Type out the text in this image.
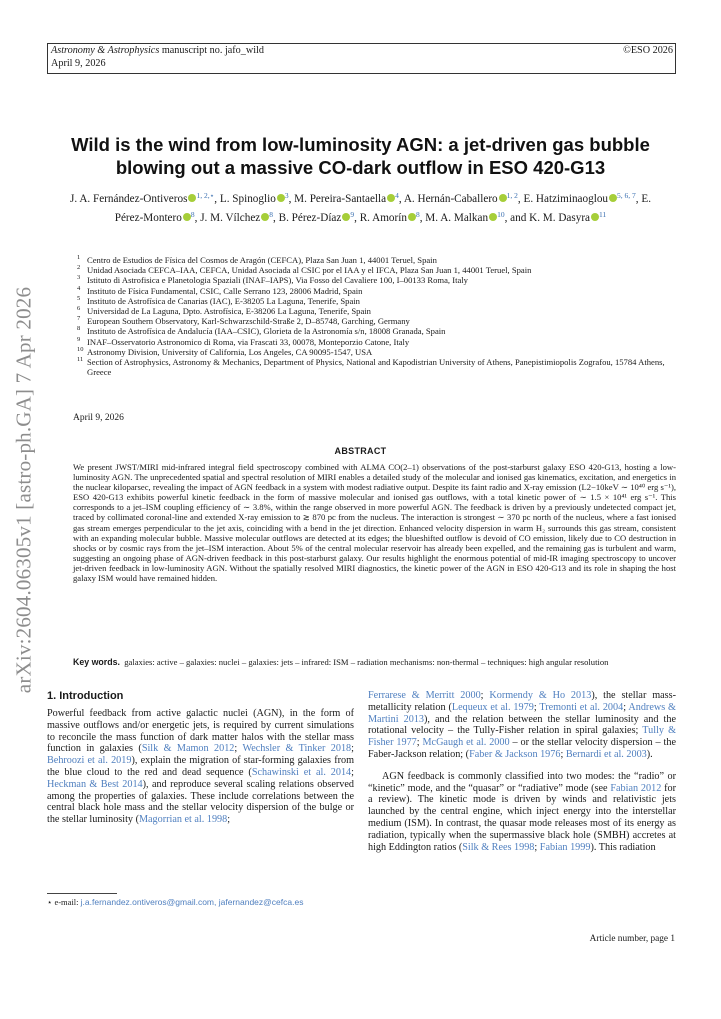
Astronomy & Astrophysics manuscript no. jafo_wild
April 9, 2026
©ESO 2026
arXiv:2604.06305v1 [astro-ph.GA] 7 Apr 2026
Wild is the wind from low-luminosity AGN: a jet-driven gas bubble blowing out a massive CO-dark outflow in ESO 420-G13
J. A. Fernández-Ontiveros $^{1, 2,⋆}$, L. Spinoglio $^3$, M. Pereira-Santaella $^4$, A. Hernán-Caballero $^{1, 2}$, E. Hatziminaoglou $^{5, 6, 7}$, E. Pérez-Montero $^8$, J. M. Vílchez $^8$, B. Pérez-Díaz $^9$, R. Amorín $^8$, M. A. Malkan $^{10}$, and K. M. Dasyra $^{11}$
1 Centro de Estudios de Física del Cosmos de Aragón (CEFCA), Plaza San Juan 1, 44001 Teruel, Spain
2 Unidad Asociada CEFCA–IAA, CEFCA, Unidad Asociada al CSIC por el IAA y el IFCA, Plaza San Juan 1, 44001 Teruel, Spain
3 Istituto di Astrofisica e Planetologia Spaziali (INAF–IAPS), Via Fosso del Cavaliere 100, I–00133 Roma, Italy
4 Instituto de Física Fundamental, CSIC, Calle Serrano 123, 28006 Madrid, Spain
5 Instituto de Astrofísica de Canarias (IAC), E-38205 La Laguna, Tenerife, Spain
6 Universidad de La Laguna, Dpto. Astrofísica, E-38206 La Laguna, Tenerife, Spain
7 European Southern Observatory, Karl-Schwarzschild-Straße 2, D–85748, Garching, Germany
8 Instituto de Astrofísica de Andalucía (IAA–CSIC), Glorieta de la Astronomía s/n, 18008 Granada, Spain
9 INAF–Osservatorio Astronomico di Roma, via Frascati 33, 00078, Monteporzio Catone, Italy
10 Astronomy Division, University of California, Los Angeles, CA 90095-1547, USA
11 Section of Astrophysics, Astronomy & Mechanics, Department of Physics, National and Kapodistrian University of Athens, Panepistimiopolis Zografou, 15784 Athens, Greece
April 9, 2026
ABSTRACT
We present JWST/MIRI mid-infrared integral field spectroscopy combined with ALMA CO(2–1) observations of the post-starburst galaxy ESO 420-G13, hosting a low-luminosity AGN. The unprecedented spatial and spectral resolution of MIRI enables a detailed study of the molecular and ionised gas kinematics, excitation, and energetics in the nuclear kiloparsec, revealing the impact of AGN feedback in a system with modest radiative output. Despite its faint radio and X-ray emission (L2−10keV ∼ 10⁴⁰ erg s⁻¹), ESO 420-G13 exhibits powerful kinetic feedback in the form of massive molecular and ionised gas outflows, with a total kinetic power of ∼ 1.5 × 10⁴¹ erg s⁻¹. This corresponds to a jet–ISM coupling efficiency of ∼ 3.8%, within the range observed in more powerful AGN. The feedback is driven by a previously undetected compact jet, traced by collimated coronal-line and extended X-ray emission to ≳ 870 pc from the nucleus. The interaction is strongest ∼ 370 pc north of the nucleus, where a fast ionised gas stream emerges perpendicular to the jet axis, coinciding with a bend in the jet direction. Enhanced velocity dispersion in warm H₂ surrounds this gas stream, consistent with an expanding molecular bubble. Massive molecular outflows are detected at its edges; the blueshifted outflow is devoid of CO emission, likely due to CO destruction in shocks or by cosmic rays from the jet–ISM interaction. About 5% of the central molecular reservoir has already been expelled, and the remaining gas is turbulent and warm, suggesting an ongoing phase of AGN-driven feedback in this post-starburst galaxy. Our results highlight the enormous potential of mid-IR imaging spectroscopy to uncover jet-driven feedback in low-luminosity AGN. Without the spatially resolved MIRI diagnostics, the kinetic power of the AGN in ESO 420-G13 and its role in shaping the host galaxy ISM would have remained hidden.
Key words. galaxies: active – galaxies: nuclei – galaxies: jets – infrared: ISM – radiation mechanisms: non-thermal – techniques: high angular resolution
1. Introduction

Powerful feedback from active galactic nuclei (AGN), in the form of massive outflows and/or energetic jets, is required by current simulations to reconcile the mass function of dark matter halos with the stellar mass function in galaxies (Silk & Mamon 2012; Wechsler & Tinker 2018; Behroozi et al. 2019), explain the migration of star-forming galaxies from the blue cloud to the red and dead sequence (Schawinski et al. 2014; Heckman & Best 2014), and reproduce several scaling relations observed among the properties of galaxies. These include correlations between the central black hole mass and the stellar velocity dispersion of the bulge or the stellar luminosity (Magorrian et al. 1998;

Ferrarese & Merritt 2000; Kormendy & Ho 2013), the stellar mass-metallicity relation (Lequeux et al. 1979; Tremonti et al. 2004; Andrews & Martini 2013), and the relation between the stellar luminosity and the rotational velocity – the Tully-Fisher relation in spiral galaxies; Tully & Fisher 1977; McGaugh et al. 2000 – or the stellar velocity dispersion – the Faber-Jackson relation; (Faber & Jackson 1976; Bernardi et al. 2003).

AGN feedback is commonly classified into two modes: the “radio” or “kinetic” mode, and the “quasar” or “radiative” mode (see Fabian 2012 for a review). The kinetic mode is driven by winds and relativistic jets launched by the central engine, which inject energy into the interstellar medium (ISM). In contrast, the quasar mode releases most of its energy as radiation, typically when the supermassive black hole (SMBH) accretes at high Eddington ratios (Silk & Rees 1998; Fabian 1999). This radiation

⋆ e-mail: j.a.fernandez.ontiveros@gmail.com, jafernandez@cefca.es
Article number, page 1
